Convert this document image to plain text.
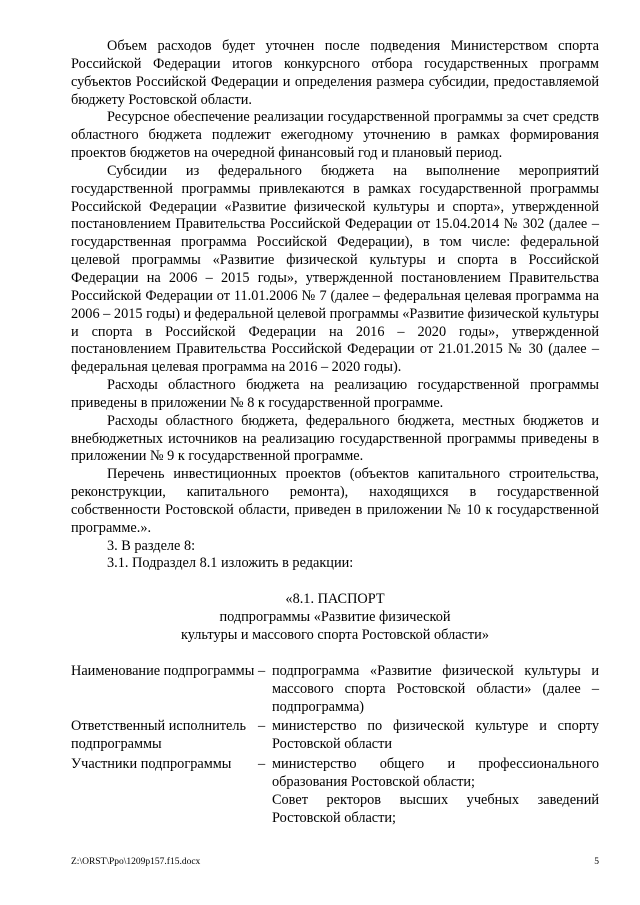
Объем расходов будет уточнен после подведения Министерством спорта Российской Федерации итогов конкурсного отбора государственных программ субъектов Российской Федерации и определения размера субсидии, предоставляемой бюджету Ростовской области.

Ресурсное обеспечение реализации государственной программы за счет средств областного бюджета подлежит ежегодному уточнению в рамках формирования проектов бюджетов на очередной финансовый год и плановый период.

Субсидии из федерального бюджета на выполнение мероприятий государственной программы привлекаются в рамках государственной программы Российской Федерации «Развитие физической культуры и спорта», утвержденной постановлением Правительства Российской Федерации от 15.04.2014 № 302 (далее – государственная программа Российской Федерации), в том числе: федеральной целевой программы «Развитие физической культуры и спорта в Российской Федерации на 2006 – 2015 годы», утвержденной постановлением Правительства Российской Федерации от 11.01.2006 № 7 (далее – федеральная целевая программа на 2006 – 2015 годы) и федеральной целевой программы «Развитие физической культуры и спорта в Российской Федерации на 2016 – 2020 годы», утвержденной постановлением Правительства Российской Федерации от 21.01.2015 № 30 (далее – федеральная целевая программа на 2016 – 2020 годы).

Расходы областного бюджета на реализацию государственной программы приведены в приложении № 8 к государственной программе.

Расходы областного бюджета, федерального бюджета, местных бюджетов и внебюджетных источников на реализацию государственной программы приведены в приложении № 9 к государственной программе.

Перечень инвестиционных проектов (объектов капитального строительства, реконструкции, капитального ремонта), находящихся в государственной собственности Ростовской области, приведен в приложении № 10 к государственной программе.».

3. В разделе 8:

3.1. Подраздел 8.1 изложить в редакции:

«8.1. ПАСПОРТ

подпрограммы «Развитие физической

культуры и массового спорта Ростовской области»

Наименование подпрограммы – подпрограмма «Развитие физической культуры и массового спорта Ростовской области» (далее – подпрограмма)
Ответственный исполнитель подпрограммы
– министерство по физической культуре и спорту Ростовской области
Участники подпрограммы	– министерство общего и профессионального образования Ростовской области;
Совет ректоров высших учебных заведений Ростовской области;
Z:\ORST\Ppo\1209p157.f15.docx	5
